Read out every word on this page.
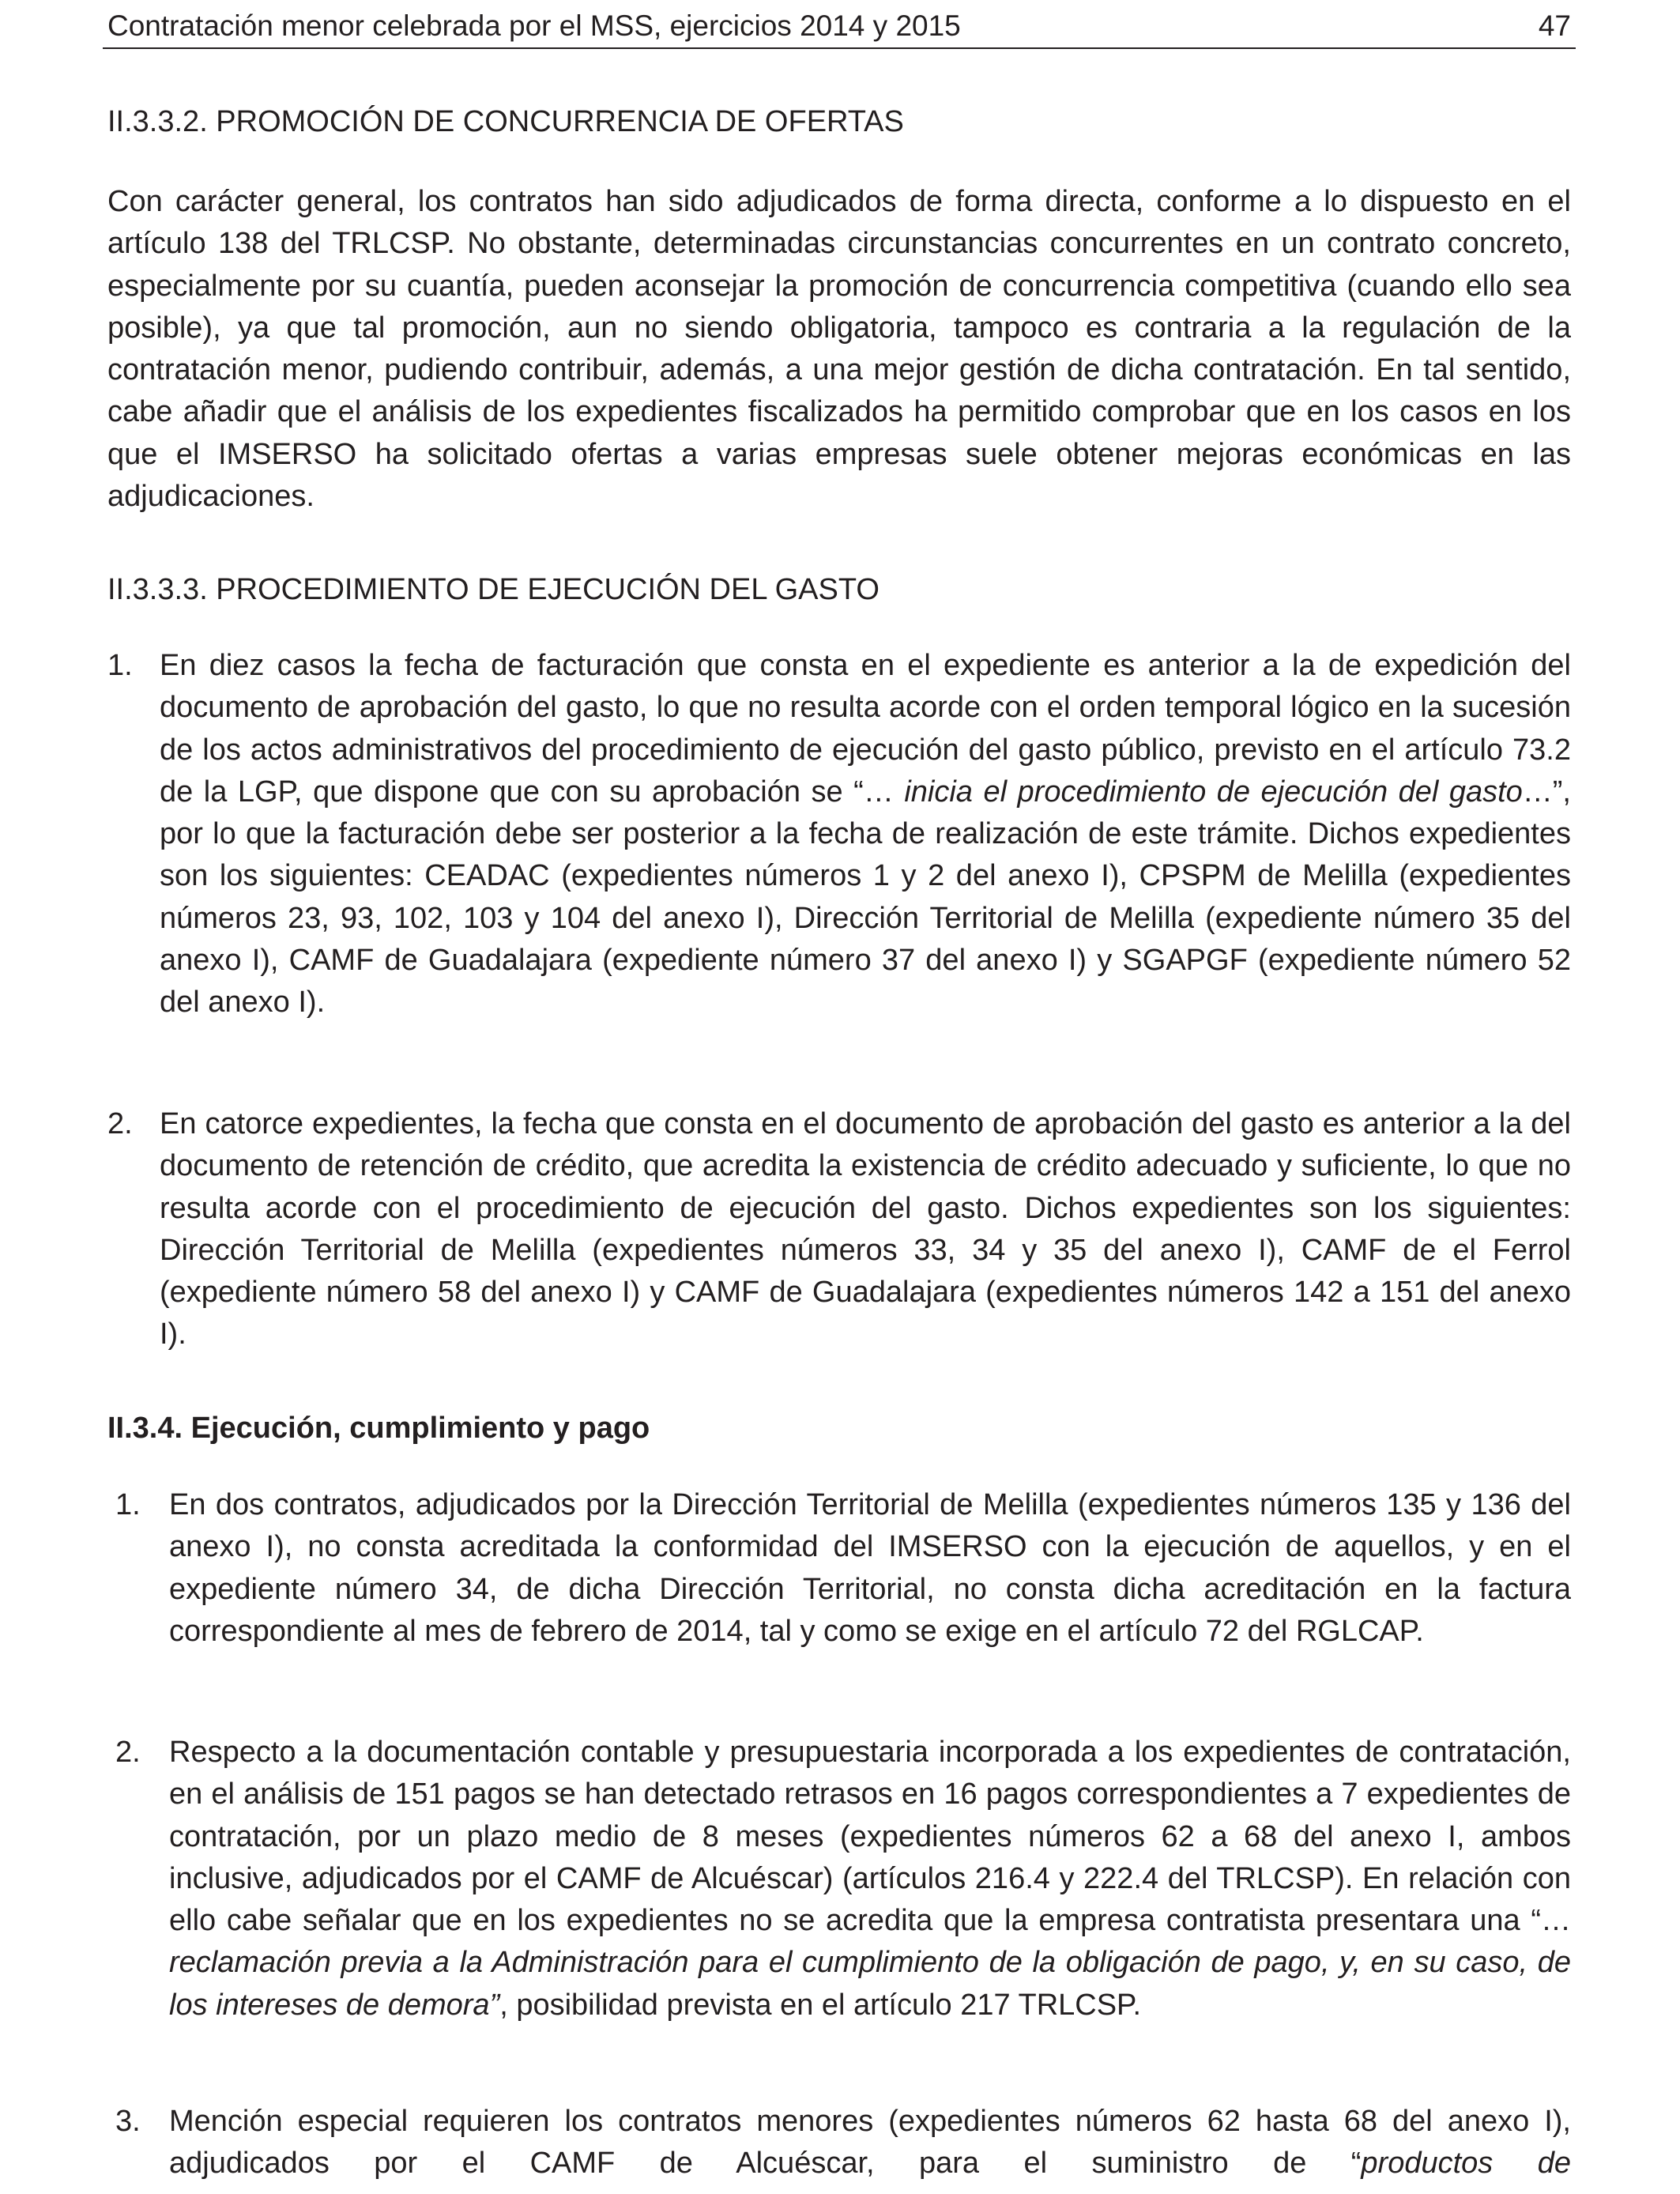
Contratación menor celebrada por el MSS, ejercicios 2014 y 2015	47
II.3.3.2. PROMOCIÓN DE CONCURRENCIA DE OFERTAS
Con carácter general, los contratos han sido adjudicados de forma directa, conforme a lo dispuesto en el artículo 138 del TRLCSP. No obstante, determinadas circunstancias concurrentes en un contrato concreto, especialmente por su cuantía, pueden aconsejar la promoción de concurrencia competitiva (cuando ello sea posible), ya que tal promoción, aun no siendo obligatoria, tampoco es contraria a la regulación de la contratación menor, pudiendo contribuir, además, a una mejor gestión de dicha contratación. En tal sentido, cabe añadir que el análisis de los expedientes fiscalizados ha permitido comprobar que en los casos en los que el IMSERSO ha solicitado ofertas a varias empresas suele obtener mejoras económicas en las adjudicaciones.
II.3.3.3. PROCEDIMIENTO DE EJECUCIÓN DEL GASTO
1. En diez casos la fecha de facturación que consta en el expediente es anterior a la de expedición del documento de aprobación del gasto, lo que no resulta acorde con el orden temporal lógico en la sucesión de los actos administrativos del procedimiento de ejecución del gasto público, previsto en el artículo 73.2 de la LGP, que dispone que con su aprobación se “… inicia el procedimiento de ejecución del gasto…”, por lo que la facturación debe ser posterior a la fecha de realización de este trámite. Dichos expedientes son los siguientes: CEADAC (expedientes números 1 y 2 del anexo I), CPSPM de Melilla (expedientes números 23, 93, 102, 103 y 104 del anexo I), Dirección Territorial de Melilla (expediente número 35 del anexo I), CAMF de Guadalajara (expediente número 37 del anexo I) y SGAPGF (expediente número 52 del anexo I).
2. En catorce expedientes, la fecha que consta en el documento de aprobación del gasto es anterior a la del documento de retención de crédito, que acredita la existencia de crédito adecuado y suficiente, lo que no resulta acorde con el procedimiento de ejecución del gasto. Dichos expedientes son los siguientes: Dirección Territorial de Melilla (expedientes números 33, 34 y 35 del anexo I), CAMF de el Ferrol (expediente número 58 del anexo I) y CAMF de Guadalajara (expedientes números 142 a 151 del anexo I).
II.3.4. Ejecución, cumplimiento y pago
1. En dos contratos, adjudicados por la Dirección Territorial de Melilla (expedientes números 135 y 136 del anexo I), no consta acreditada la conformidad del IMSERSO con la ejecución de aquellos, y en el expediente número 34, de dicha Dirección Territorial, no consta dicha acreditación en la factura correspondiente al mes de febrero de 2014, tal y como se exige en el artículo 72 del RGLCAP.
2. Respecto a la documentación contable y presupuestaria incorporada a los expedientes de contratación, en el análisis de 151 pagos se han detectado retrasos en 16 pagos correspondientes a 7 expedientes de contratación, por un plazo medio de 8 meses (expedientes números 62 a 68 del anexo I, ambos inclusive, adjudicados por el CAMF de Alcuéscar) (artículos 216.4 y 222.4 del TRLCSP). En relación con ello cabe señalar que en los expedientes no se acredita que la empresa contratista presentara una “…reclamación previa a la Administración para el cumplimiento de la obligación de pago, y, en su caso, de los intereses de demora”, posibilidad prevista en el artículo 217 TRLCSP.
3. Mención especial requieren los contratos menores (expedientes números 62 hasta 68 del anexo I), adjudicados por el CAMF de Alcuéscar, para el suministro de “productos de
